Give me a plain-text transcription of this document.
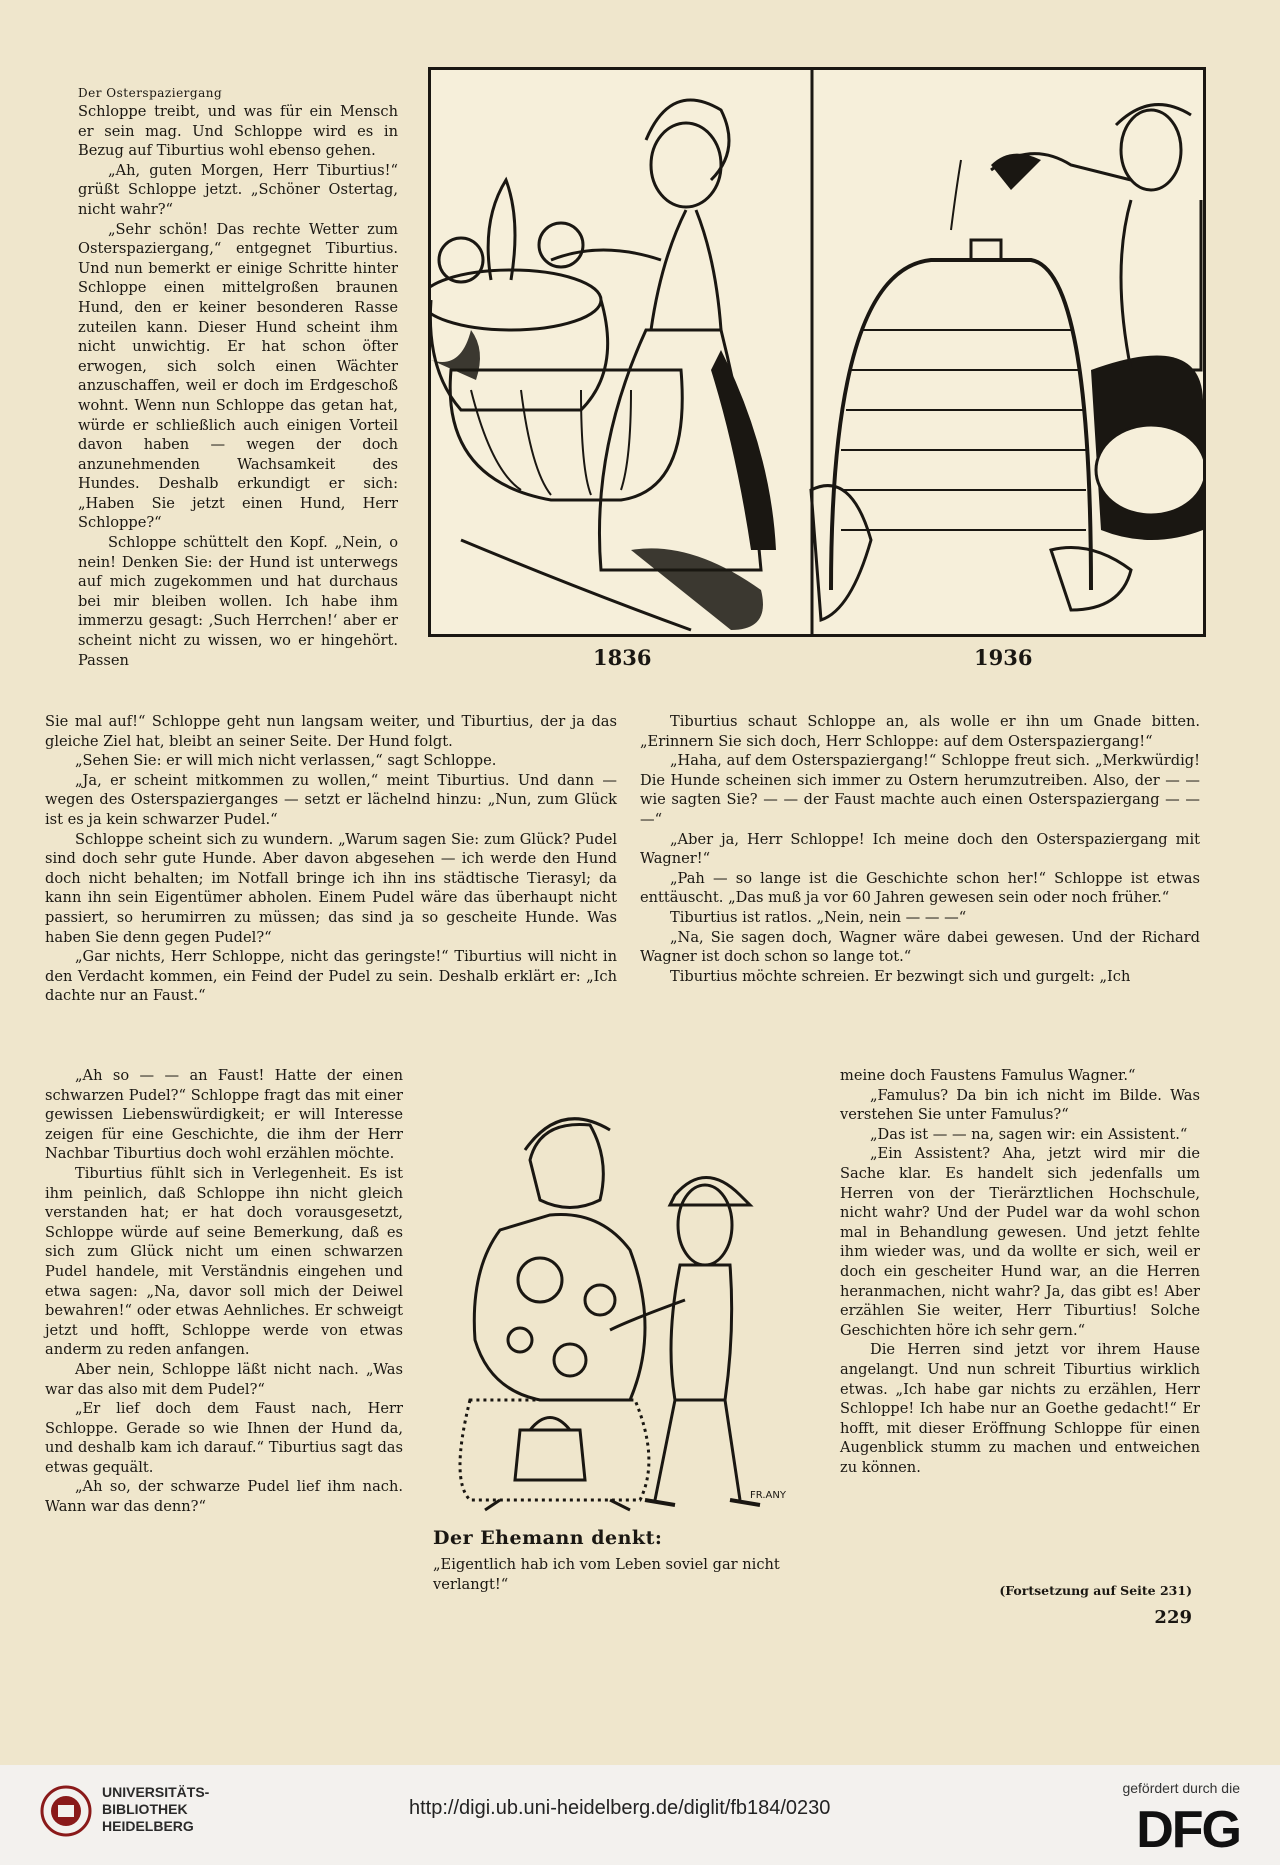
Der Osterspaziergang

Schloppe treibt, und was für ein Mensch er sein mag. Und Schloppe wird es in Bezug auf Tiburtius wohl ebenso gehen.

„Ah, guten Morgen, Herr Tiburtius!“ grüßt Schloppe jetzt. „Schöner Ostertag, nicht wahr?“

„Sehr schön! Das rechte Wetter zum Osterspaziergang,“ entgegnet Tiburtius. Und nun bemerkt er einige Schritte hinter Schloppe einen mittelgroßen braunen Hund, den er keiner besonderen Rasse zuteilen kann. Dieser Hund scheint ihm nicht unwichtig. Er hat schon öfter erwogen, sich solch einen Wächter anzuschaffen, weil er doch im Erdgeschoß wohnt. Wenn nun Schloppe das getan hat, würde er schließlich auch einigen Vorteil davon haben — wegen der doch anzunehmenden Wachsamkeit des Hundes. Deshalb erkundigt er sich: „Haben Sie jetzt einen Hund, Herr Schloppe?“

Schloppe schüttelt den Kopf. „Nein, o nein! Denken Sie: der Hund ist unterwegs auf mich zugekommen und hat durchaus bei mir bleiben wollen. Ich habe ihm immerzu gesagt: ‚Such Herrchen!‘ aber er scheint nicht zu wissen, wo er hingehört. Passen

Sie mal auf!“ Schloppe geht nun langsam weiter, und Tiburtius, der ja das gleiche Ziel hat, bleibt an seiner Seite. Der Hund folgt.

„Sehen Sie: er will mich nicht verlassen,“ sagt Schloppe.

„Ja, er scheint mitkommen zu wollen,“ meint Tiburtius. Und dann — wegen des Osterspazierganges — setzt er lächelnd hinzu: „Nun, zum Glück ist es ja kein schwarzer Pudel.“

Schloppe scheint sich zu wundern. „Warum sagen Sie: zum Glück? Pudel sind doch sehr gute Hunde. Aber davon abgesehen — ich werde den Hund doch nicht behalten; im Notfall bringe ich ihn ins städtische Tierasyl; da kann ihn sein Eigentümer abholen. Einem Pudel wäre das überhaupt nicht passiert, so herumirren zu müssen; das sind ja so gescheite Hunde. Was haben Sie denn gegen Pudel?“

„Gar nichts, Herr Schloppe, nicht das geringste!“ Tiburtius will nicht in den Verdacht kommen, ein Feind der Pudel zu sein. Deshalb erklärt er: „Ich dachte nur an Faust.“

„Ah so — — an Faust! Hatte der einen schwarzen Pudel?“ Schloppe fragt das mit einer gewissen Liebenswürdigkeit; er will Interesse zeigen für eine Geschichte, die ihm der Herr Nachbar Tiburtius doch wohl erzählen möchte.

Tiburtius fühlt sich in Verlegenheit. Es ist ihm peinlich, daß Schloppe ihn nicht gleich verstanden hat; er hat doch vorausgesetzt, Schloppe würde auf seine Bemerkung, daß es sich zum Glück nicht um einen schwarzen Pudel handele, mit Verständnis eingehen und etwa sagen: „Na, davor soll mich der Deiwel bewahren!“ oder etwas Aehnliches. Er schweigt jetzt und hofft, Schloppe werde von etwas anderm zu reden anfangen.

Aber nein, Schloppe läßt nicht nach. „Was war das also mit dem Pudel?“

„Er lief doch dem Faust nach, Herr Schloppe. Gerade so wie Ihnen der Hund da, und deshalb kam ich darauf.“ Tiburtius sagt das etwas gequält.

„Ah so, der schwarze Pudel lief ihm nach. Wann war das denn?“

Tiburtius schaut Schloppe an, als wolle er ihn um Gnade bitten. „Erinnern Sie sich doch, Herr Schloppe: auf dem Osterspaziergang!“

„Haha, auf dem Osterspaziergang!“ Schloppe freut sich. „Merkwürdig! Die Hunde scheinen sich immer zu Ostern herumzutreiben. Also, der — — wie sagten Sie? — — der Faust machte auch einen Osterspaziergang — — —“

„Aber ja, Herr Schloppe! Ich meine doch den Osterspaziergang mit Wagner!“

„Pah — so lange ist die Geschichte schon her!“ Schloppe ist etwas enttäuscht. „Das muß ja vor 60 Jahren gewesen sein oder noch früher.“

Tiburtius ist ratlos. „Nein, nein — — —“

„Na, Sie sagen doch, Wagner wäre dabei gewesen. Und der Richard Wagner ist doch schon so lange tot.“

Tiburtius möchte schreien. Er bezwingt sich und gurgelt: „Ich

meine doch Faustens Famulus Wagner.“

„Famulus? Da bin ich nicht im Bilde. Was verstehen Sie unter Famulus?“

„Das ist — — na, sagen wir: ein Assistent.“

„Ein Assistent? Aha, jetzt wird mir die Sache klar. Es handelt sich jedenfalls um Herren von der Tierärztlichen Hochschule, nicht wahr? Und der Pudel war da wohl schon mal in Behandlung gewesen. Und jetzt fehlte ihm wieder was, und da wollte er sich, weil er doch ein gescheiter Hund war, an die Herren heranmachen, nicht wahr? Ja, das gibt es! Aber erzählen Sie weiter, Herr Tiburtius! Solche Geschichten höre ich sehr gern.“

Die Herren sind jetzt vor ihrem Hause angelangt. Und nun schreit Tiburtius wirklich etwas. „Ich habe gar nichts zu erzählen, Herr Schloppe! Ich habe nur an Goethe gedacht!“ Er hofft, mit dieser Eröffnung Schloppe für einen Augenblick stumm zu machen und entweichen zu können.

1836	1936
FR.ANY
Der Ehemann denkt:
„Eigentlich hab ich vom Leben soviel gar nicht verlangt!“	(Fortsetzung auf Seite 231)
229
UNIVERSITÄTS-
BIBLIOTHEK
HEIDELBERG
http://digi.ub.uni-heidelberg.de/diglit/fb184/0230
gefördert durch die
DFG
